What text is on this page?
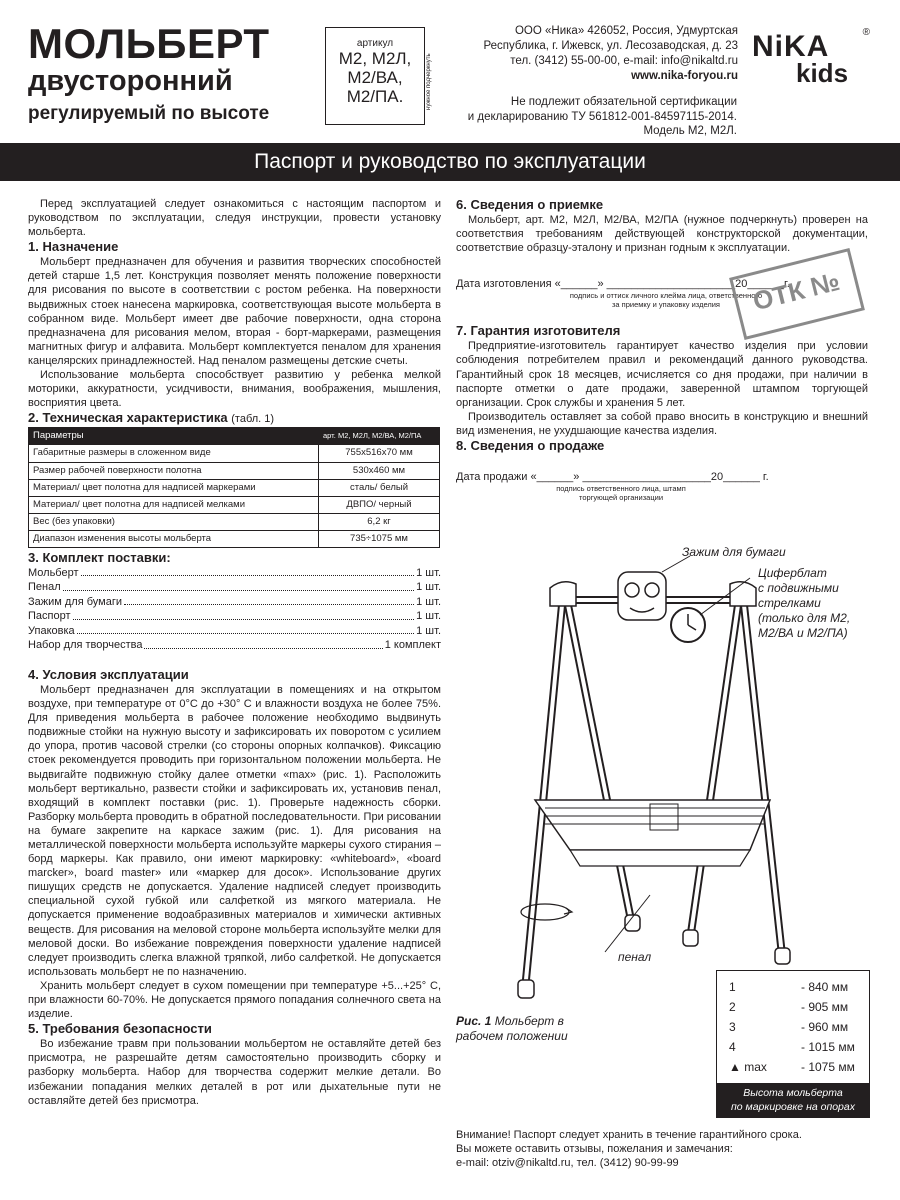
МОЛЬБЕРТ
двусторонний
регулируемый по высоте
артикул
М2, М2Л,
М2/ВА,
М2/ПА.	нужное подчеркнуть
ООО «Ника» 426052, Россия, Удмуртская
Республика, г. Ижевск, ул. Лесозаводская, д. 23
тел. (3412) 55-00-00, e-mail: info@nikaltd.ru
www.nika-foryou.ru
Не подлежит обязательной сертификации
и декларированию ТУ 561812-001-84597115-2014.
Модель М2, М2Л.
NiKA
kids
®
Паспорт и руководство по эксплуатации

Перед эксплуатацией следует ознакомиться с настоящим паспортом и руководством по эксплуатации, следуя инструкции, провести установку мольберта.

1. Назначение

Мольберт предназначен для обучения и развития творческих способностей детей старше 1,5 лет. Конструкция позволяет менять положение поверхности для рисования по высоте в соответствии с ростом ребенка. На поверхности выдвижных стоек нанесена маркировка, соответствующая высоте мольберта в собранном виде. Мольберт имеет две рабочие поверхности, одна сторона предназначена для рисования мелом, вторая - борт-маркерами, размещения магнитных фигур и алфавита. Мольберт комплектуется пеналом для хранения канцелярских принадлежностей. Над пеналом размещены детские счеты.

Использование мольберта способствует развитию у ребенка мелкой моторики, аккуратности, усидчивости, внимания, воображения, мышления, восприятия цвета.

2. Техническая характеристика (табл. 1)
Параметры	арт. М2, М2Л, М2/ВА, М2/ПА
Габаритные размеры в сложенном виде	755х516х70 мм
Размер рабочей поверхности полотна	530х460 мм
Материал/ цвет полотна для надписей маркерами	сталь/ белый
Материал/ цвет полотна для надписей мелками	ДВПО/ черный
Вес (без упаковки)	6,2 кг
Диапазон изменения высоты мольберта	735÷1075 мм
3. Комплект поставки:
Мольберт	1 шт.
Пенал	1 шт.
Зажим для бумаги	1 шт.
Паспорт	1 шт.
Упаковка	1 шт.
Набор для творчества	1 комплект
4. Условия эксплуатации

Мольберт предназначен для эксплуатации в помещениях и на открытом воздухе, при температуре от 0°С до +30° С и влажности воздуха не более 75%. Для приведения мольберта в рабочее положение необходимо выдвинуть подвижные стойки на нужную высоту и зафиксировать их поворотом с усилием до упора, против часовой стрелки (со стороны опорных колпачков). Фиксацию стоек рекомендуется проводить при горизонтальном положении мольберта. Не выдвигайте подвижную стойку далее отметки «max» (рис. 1). Расположить мольберт вертикально, развести стойки и зафиксировать их, установив пенал, входящий в комплект поставки (рис. 1). Проверьте надежность сборки. Разборку мольберта проводить в обратной последовательности. При рисовании на бумаге закрепите на каркасе зажим (рис. 1). Для рисования на металлической поверхности мольберта используйте маркеры сухого стирания – борд маркеры. Как правило, они имеют маркировку: «whiteboard», «board marcker», board master» или «маркер для досок». Использование других пишущих средств не допускается. Удаление надписей следует производить специальной сухой губкой или салфеткой из мягкого материала. Не допускается применение водоабразивных материалов и химически активных веществ. Для рисования на меловой стороне мольберта используйте мелки для меловой доски. Во избежание повреждения поверхности удаление надписей следует производить слегка влажной тряпкой, либо салфеткой. Не допускается использовать мольберт не по назначению.

Хранить мольберт следует в сухом помещении при температуре +5...+25° С, при влажности 60-70%. Не допускается прямого попадания солнечного света на изделие.

5. Требования безопасности

Во избежание травм при пользовании мольбертом не оставляйте детей без присмотра, не разрешайте детям самостоятельно производить сборку и разборку мольберта. Набор для творчества содержит мелкие детали. Во избежании попадания мелких деталей в рот или дыхательные пути не оставляйте детей без присмотра.

6. Сведения о приемке

Мольберт, арт. М2, М2Л, М2/ВА, М2/ПА (нужное подчеркнуть) проверен на соответствия требованиям действующей конструкторской документации, соответствие образцу-эталону и признан годным к эксплуатации.

Дата изготовления «______» _____________________20______г.
подпись и оттиск личного клейма лица, ответственного за приемку и упаковку изделия
7. Гарантия изготовителя

Предприятие-изготовитель гарантирует качество изделия при условии соблюдения потребителем правил и рекомендаций данного руководства. Гарантийный срок 18 месяцев, исчисляется со дня продажи, при наличии в паспорте отметки о дате продажи, заверенной штампом торгующей организации. Срок службы и хранения 5 лет.

Производитель оставляет за собой право вносить в конструкцию и внешний вид изменения, не ухудшающие качества изделия.

8. Сведения о продаже
Дата продажи «______» _____________________20______ г.
подпись ответственного лица, штамп торгующей организации
ОТК №
Зажим для бумаги
Циферблат
с подвижными
стрелками
(только для М2,
М2/ВА и М2/ПА)
пенал
Рис. 1 Мольберт в рабочем положении
1	- 840 мм
2	- 905 мм
3	- 960 мм
4	- 1015 мм
▲ max	- 1075 мм
Высота мольберта
по маркировке на опорах
Внимание! Паспорт следует хранить в течение гарантийного срока.
Вы можете оставить отзывы, пожелания и замечания:
e-mail: otziv@nikaltd.ru, тел. (3412) 90-99-99
